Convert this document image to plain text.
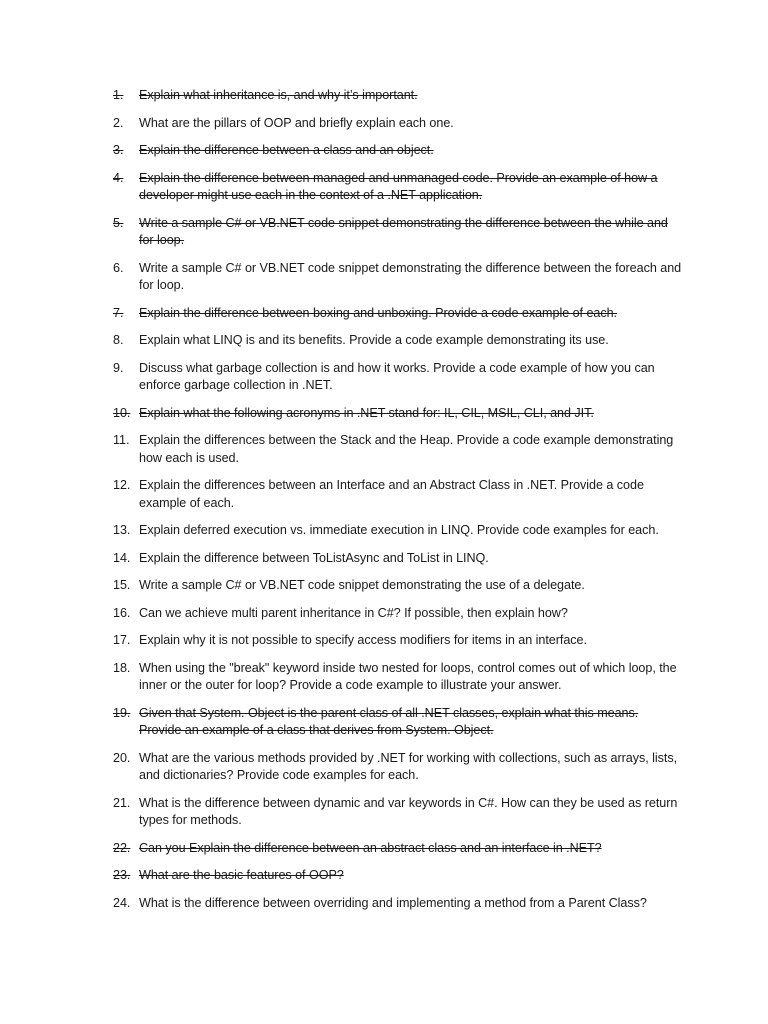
1.	Explain what inheritance is, and why it’s important.
2.	What are the pillars of OOP and briefly explain each one.
3.	Explain the difference between a class and an object.
4.	Explain the difference between managed and unmanaged code. Provide an example of how a developer might use each in the context of a .NET application.
5.	Write a sample C# or VB.NET code snippet demonstrating the difference between the while and for loop.
6.	Write a sample C# or VB.NET code snippet demonstrating the difference between the foreach and for loop.
7.	Explain the difference between boxing and unboxing. Provide a code example of each.
8.	Explain what LINQ is and its benefits. Provide a code example demonstrating its use.
9.	Discuss what garbage collection is and how it works. Provide a code example of how you can enforce garbage collection in .NET.
10. Explain what the following acronyms in .NET stand for: IL, CIL, MSIL, CLI, and JIT.
11. Explain the differences between the Stack and the Heap. Provide a code example demonstrating how each is used.
12. Explain the differences between an Interface and an Abstract Class in .NET. Provide a code example of each.
13. Explain deferred execution vs. immediate execution in LINQ. Provide code examples for each.
14. Explain the difference between ToListAsync and ToList in LINQ.
15. Write a sample C# or VB.NET code snippet demonstrating the use of a delegate.
16. Can we achieve multi parent inheritance in C#? If possible, then explain how?
17. Explain why it is not possible to specify access modifiers for items in an interface.
18. When using the "break" keyword inside two nested for loops, control comes out of which loop, the inner or the outer for loop? Provide a code example to illustrate your answer.
19. Given that System. Object is the parent class of all .NET classes, explain what this means. Provide an example of a class that derives from System. Object.
20. What are the various methods provided by .NET for working with collections, such as arrays, lists, and dictionaries? Provide code examples for each.
21. What is the difference between dynamic and var keywords in C#. How can they be used as return types for methods.
22. Can you Explain the difference between an abstract class and an interface in .NET?
23. What are the basic features of OOP?
24. What is the difference between overriding and implementing a method from a Parent Class?
